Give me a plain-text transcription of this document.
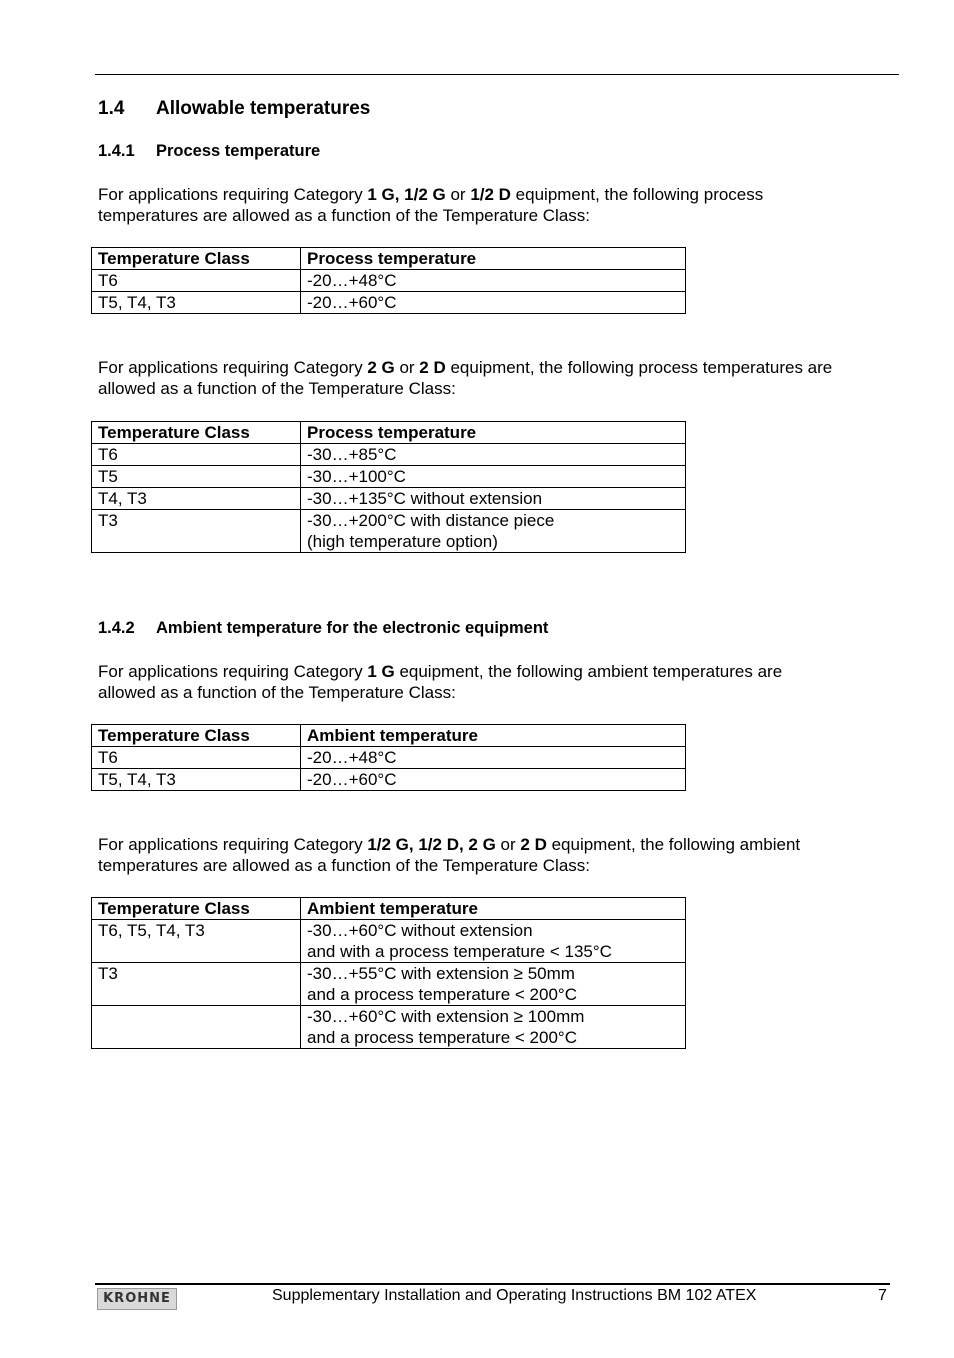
1.4 Allowable temperatures
1.4.1 Process temperature
For applications requiring Category 1 G, 1/2 G or 1/2 D equipment, the following process
temperatures are allowed as a function of the Temperature Class:
Temperature Class	Process temperature
T6	-20…+48°C
T5, T4, T3	-20…+60°C
For applications requiring Category 2 G or 2 D equipment, the following process temperatures are
allowed as a function of the Temperature Class:
Temperature Class	Process temperature
T6	-30…+85°C
T5	-30…+100°C
T4, T3	-30…+135°C without extension
T3	-30…+200°C with distance piece
(high temperature option)
1.4.2 Ambient temperature for the electronic equipment
For applications requiring Category 1 G equipment, the following ambient temperatures are
allowed as a function of the Temperature Class:
Temperature Class	Ambient temperature
T6	-20…+48°C
T5, T4, T3	-20…+60°C
For applications requiring Category 1/2 G, 1/2 D, 2 G or 2 D equipment, the following ambient
temperatures are allowed as a function of the Temperature Class:
Temperature Class	Ambient temperature
T6, T5, T4, T3	-30…+60°C without extension
and with a process temperature < 135°C

T3	-30…+55°C with extension ≥ 50mm
and a process temperature < 200°C

	-30…+60°C with extension ≥ 100mm
and a process temperature < 200°C
KROHNE	Supplementary Installation and Operating Instructions BM 102 ATEX	7
